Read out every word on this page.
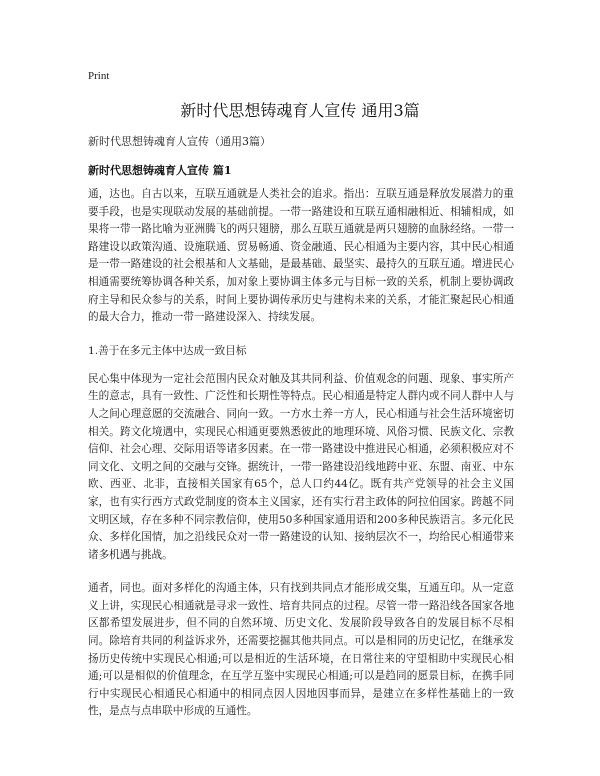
Print
新时代思想铸魂育人宣传 通用3篇

新时代思想铸魂育人宣传（通用3篇）

新时代思想铸魂育人宣传 篇1

通，达也。自古以来，互联互通就是人类社会的追求。指出：互联互通是释放发展潜力的重要手段，也是实现联动发展的基础前提。一带一路建设和互联互通相融相近、相辅相成，如果将一带一路比喻为亚洲腾飞的两只翅膀，那么互联互通就是两只翅膀的血脉经络。一带一路建设以政策沟通、设施联通、贸易畅通、资金融通、民心相通为主要内容，其中民心相通是一带一路建设的社会根基和人文基础，是最基础、最坚实、最持久的互联互通。增进民心相通需要统筹协调各种关系，加对象上要协调主体多元与目标一致的关系，机制上要协调政府主导和民众参与的关系，时间上要协调传承历史与建构未来的关系，才能汇聚起民心相通的最大合力，推动一带一路建设深入、持续发展。

1.善于在多元主体中达成一致目标

民心集中体现为一定社会范围内民众对触及其共同利益、价值观念的问题、现象、事实所产生的意志，具有一致性、广泛性和长期性等特点。民心相通是特定人群内或不同人群中人与人之间心理意愿的交流融合、同向一致。一方水土养一方人，民心相通与社会生活环境密切相关。跨文化境遇中，实现民心相通更要熟悉彼此的地理环境、风俗习惯、民族文化、宗教信仰、社会心理、交际用语等诸多因素。在一带一路建设中推进民心相通，必须积极应对不同文化、文明之间的交融与交锋。据统计，一带一路建设沿线地跨中亚、东盟、南亚、中东欧、西亚、北非，直接相关国家有65个，总人口约44亿。既有共产党领导的社会主义国家，也有实行西方式政党制度的资本主义国家，还有实行君主政体的阿拉伯国家。跨越不同文明区域，存在多种不同宗教信仰，使用50多种国家通用语和200多种民族语言。多元化民众、多样化国情，加之沿线民众对一带一路建设的认知、接纳层次不一，均给民心相通带来诸多机遇与挑战。

通者，同也。面对多样化的沟通主体，只有找到共同点才能形成交集，互通互印。从一定意义上讲，实现民心相通就是寻求一致性、培育共同点的过程。尽管一带一路沿线各国家各地区都希望发展进步，但不同的自然环境、历史文化、发展阶段导致各自的发展目标不尽相同。除培育共同的利益诉求外，还需要挖掘其他共同点。可以是相同的历史记忆，在继承发扬历史传统中实现民心相通;可以是相近的生活环境，在日常往来的守望相助中实现民心相通;可以是相似的价值理念，在互学互鉴中实现民心相通;可以是趋同的愿景目标，在携手同行中实现民心相通民心相通中的相同点因人因地因事而异，是建立在多样性基础上的一致性，是点与点串联中形成的互通性。
